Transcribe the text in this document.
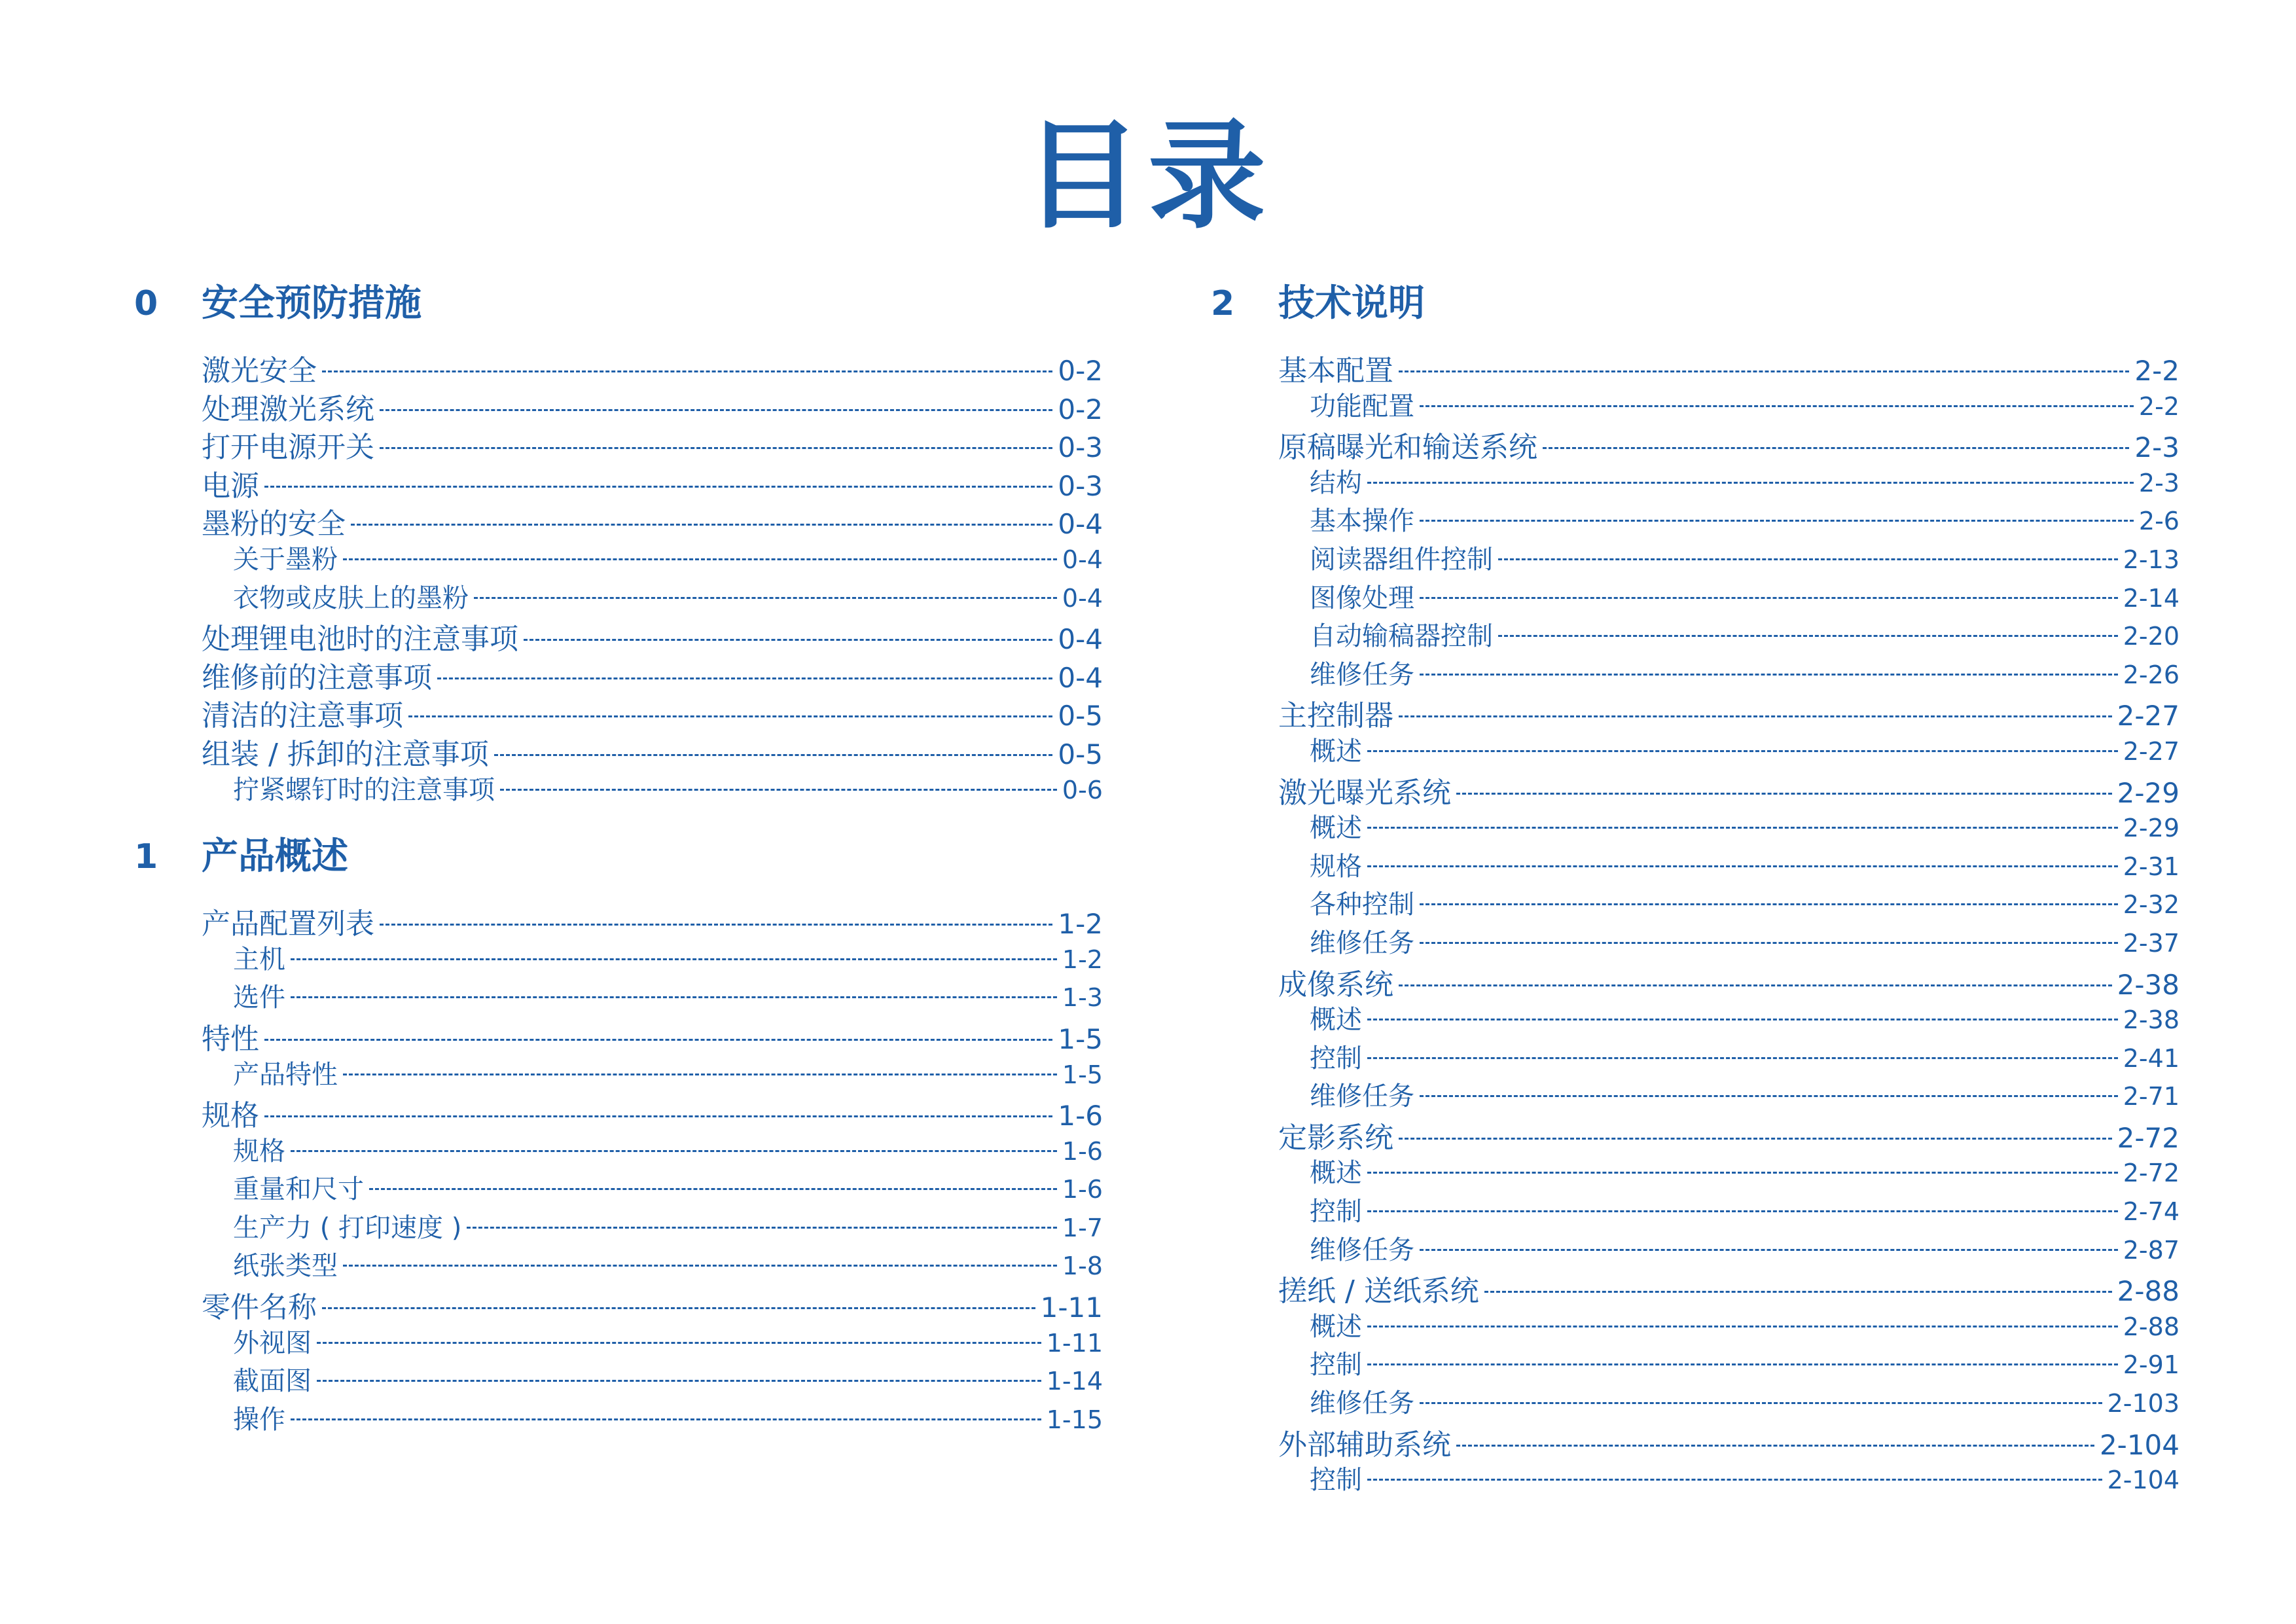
目录
0 安全预防措施
激光安全	0-2
处理激光系统	0-2
打开电源开关	0-3
电源	0-3
墨粉的安全	0-4
关于墨粉	0-4
衣物或皮肤上的墨粉	0-4
处理锂电池时的注意事项	0-4
维修前的注意事项	0-4
清洁的注意事项	0-5
组装 / 拆卸的注意事项	0-5
拧紧螺钉时的注意事项	0-6
1 产品概述
产品配置列表	1-2
主机	1-2
选件	1-3
特性	1-5
产品特性	1-5
规格	1-6
规格	1-6
重量和尺寸	1-6
生产力 ( 打印速度 )	1-7
纸张类型	1-8
零件名称	1-11
外视图	1-11
截面图	1-14
操作	1-15
2 技术说明
基本配置	2-2
功能配置	2-2
原稿曝光和输送系统	2-3
结构	2-3
基本操作	2-6
阅读器组件控制	2-13
图像处理	2-14
自动输稿器控制	2-20
维修任务	2-26
主控制器	2-27
概述	2-27
激光曝光系统	2-29
概述	2-29
规格	2-31
各种控制	2-32
维修任务	2-37
成像系统	2-38
概述	2-38
控制	2-41
维修任务	2-71
定影系统	2-72
概述	2-72
控制	2-74
维修任务	2-87
搓纸 / 送纸系统	2-88
概述	2-88
控制	2-91
维修任务	2-103
外部辅助系统	2-104
控制	2-104
